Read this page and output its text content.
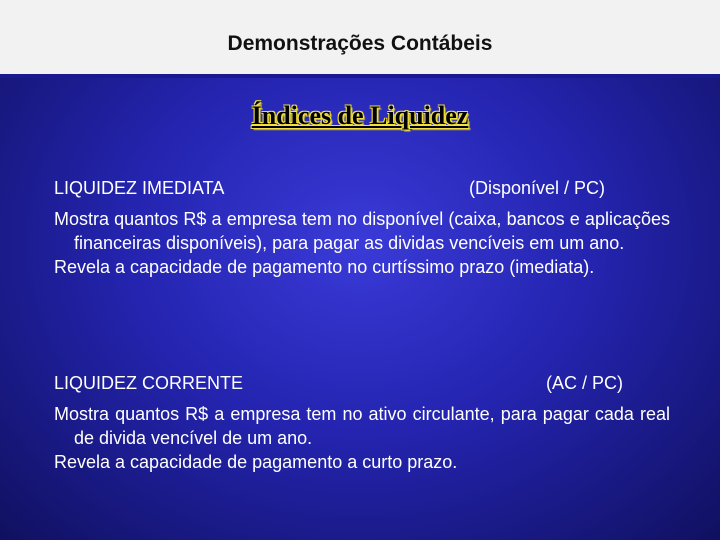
Demonstrações Contábeis
Índices de Liquidez
LIQUIDEZ IMEDIATA	(Disponível / PC)

Mostra quantos R$ a empresa tem no disponível (caixa, bancos e aplicações financeiras disponíveis), para pagar as dividas vencíveis em um ano.

Revela a capacidade de pagamento no curtíssimo prazo (imediata).

LIQUIDEZ CORRENTE	(AC / PC)

Mostra quantos R$ a empresa tem no ativo circulante, para pagar cada real de divida vencível de um ano.

Revela a capacidade de pagamento a curto prazo.
